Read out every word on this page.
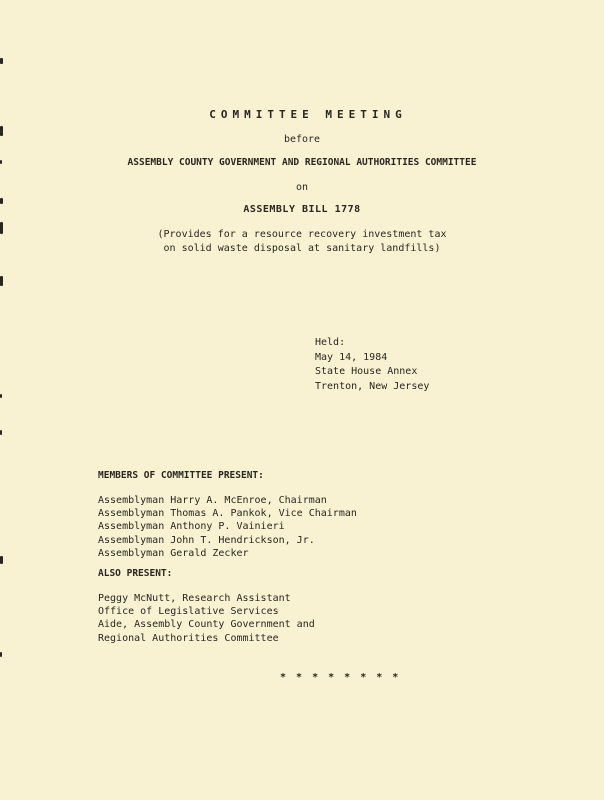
COMMITTEE MEETING
before
ASSEMBLY COUNTY GOVERNMENT AND REGIONAL AUTHORITIES COMMITTEE
on
ASSEMBLY BILL 1778
(Provides for a resource recovery investment tax
on solid waste disposal at sanitary landfills)
Held:
May 14, 1984
State House Annex
Trenton, New Jersey
MEMBERS OF COMMITTEE PRESENT:
Assemblyman Harry A. McEnroe, Chairman
Assemblyman Thomas A. Pankok, Vice Chairman
Assemblyman Anthony P. Vainieri
Assemblyman John T. Hendrickson, Jr.
Assemblyman Gerald Zecker
ALSO PRESENT:
Peggy McNutt, Research Assistant
Office of Legislative Services
Aide, Assembly County Government and
Regional Authorities Committee
* * * * * * * *
